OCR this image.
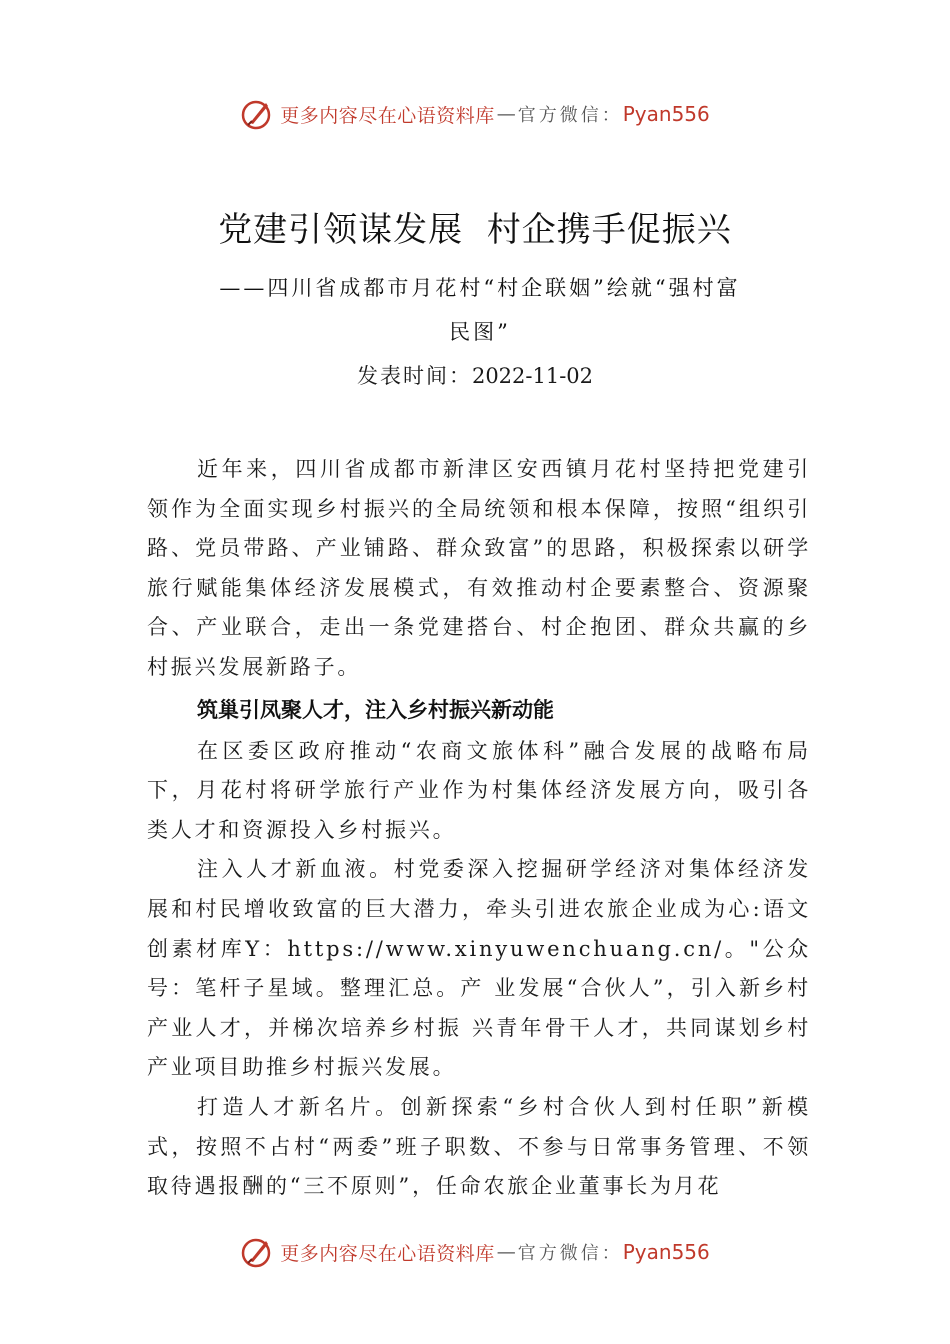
更多内容尽在心语资料库 — 官方微信： Pyan556
党建引领谋发展  村企携手促振兴
——四川省成都市月花村“村企联姻”绘就“强村富
民图”
发表时间：2022-11-02

近年来，四川省成都市新津区安西镇月花村坚持把党建引领作为全面实现乡村振兴的全局统领和根本保障，按照“组织引路、党员带路、产业铺路、群众致富”的思路，积极探索以研学旅行赋能集体经济发展模式，有效推动村企要素整合、资源聚合、产业联合，走出一条党建搭台、村企抱团、群众共赢的乡村振兴发展新路子。

筑巢引凤聚人才，注入乡村振兴新动能

在区委区政府推动“农商文旅体科”融合发展的战略布局下，月花村将研学旅行产业作为村集体经济发展方向，吸引各类人才和资源投入乡村振兴。

注入人才新血液。村党委深入挖掘研学经济对集体经济发展和村民增收致富的巨大潜力，牵头引进农旅企业成为心:语文创素材库Y：https://www.xinyuwenchuang.cn/。"公众号：笔杆子星域。整理汇总。产 业发展“合伙人”，引入新乡村产业人才，并梯次培养乡村振 兴青年骨干人才，共同谋划乡村产业项目助推乡村振兴发展。

打造人才新名片。创新探索“乡村合伙人到村任职”新模式，按照不占村“两委”班子职数、不参与日常事务管理、不领取待遇报酬的“三不原则”，任命农旅企业董事长为月花

更多内容尽在心语资料库 — 官方微信： Pyan556
